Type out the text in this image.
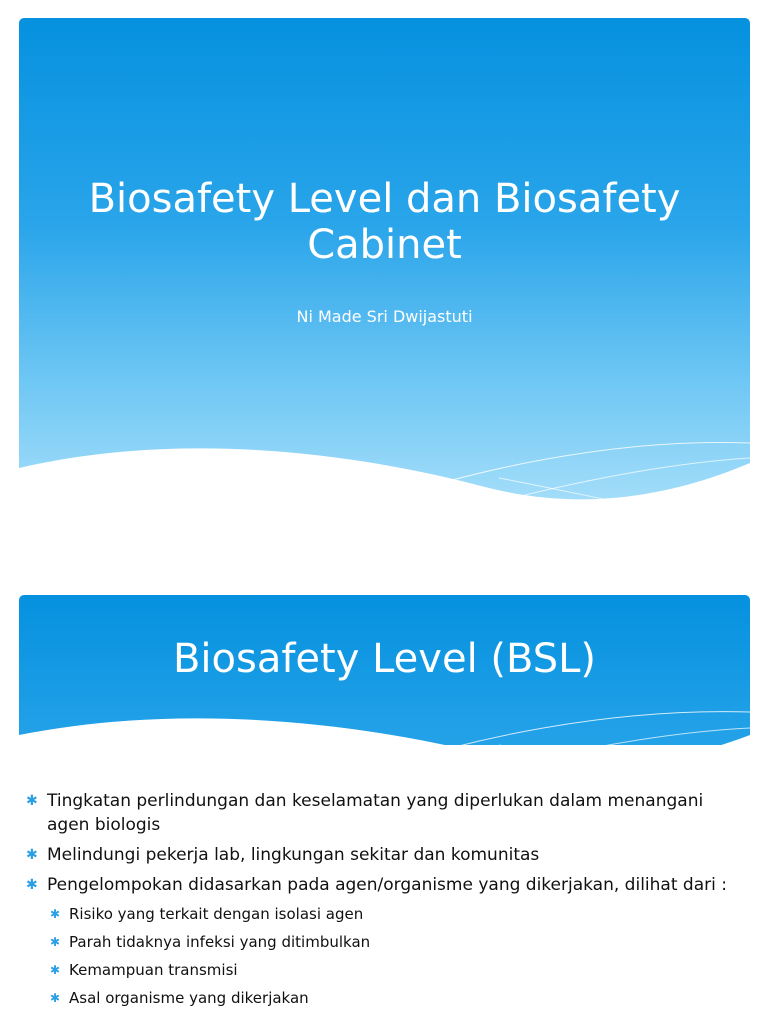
Biosafety Level dan Biosafety Cabinet
Ni Made Sri Dwijastuti
Biosafety Level (BSL)
✱ Tingkatan perlindungan dan keselamatan yang diperlukan dalam menangani agen biologis
✱ Melindungi pekerja lab, lingkungan sekitar dan komunitas
✱ Pengelompokan didasarkan pada agen/organisme yang dikerjakan, dilihat dari :
✱ Risiko yang terkait dengan isolasi agen
✱ Parah tidaknya infeksi yang ditimbulkan
✱ Kemampuan transmisi
✱ Asal organisme yang dikerjakan
